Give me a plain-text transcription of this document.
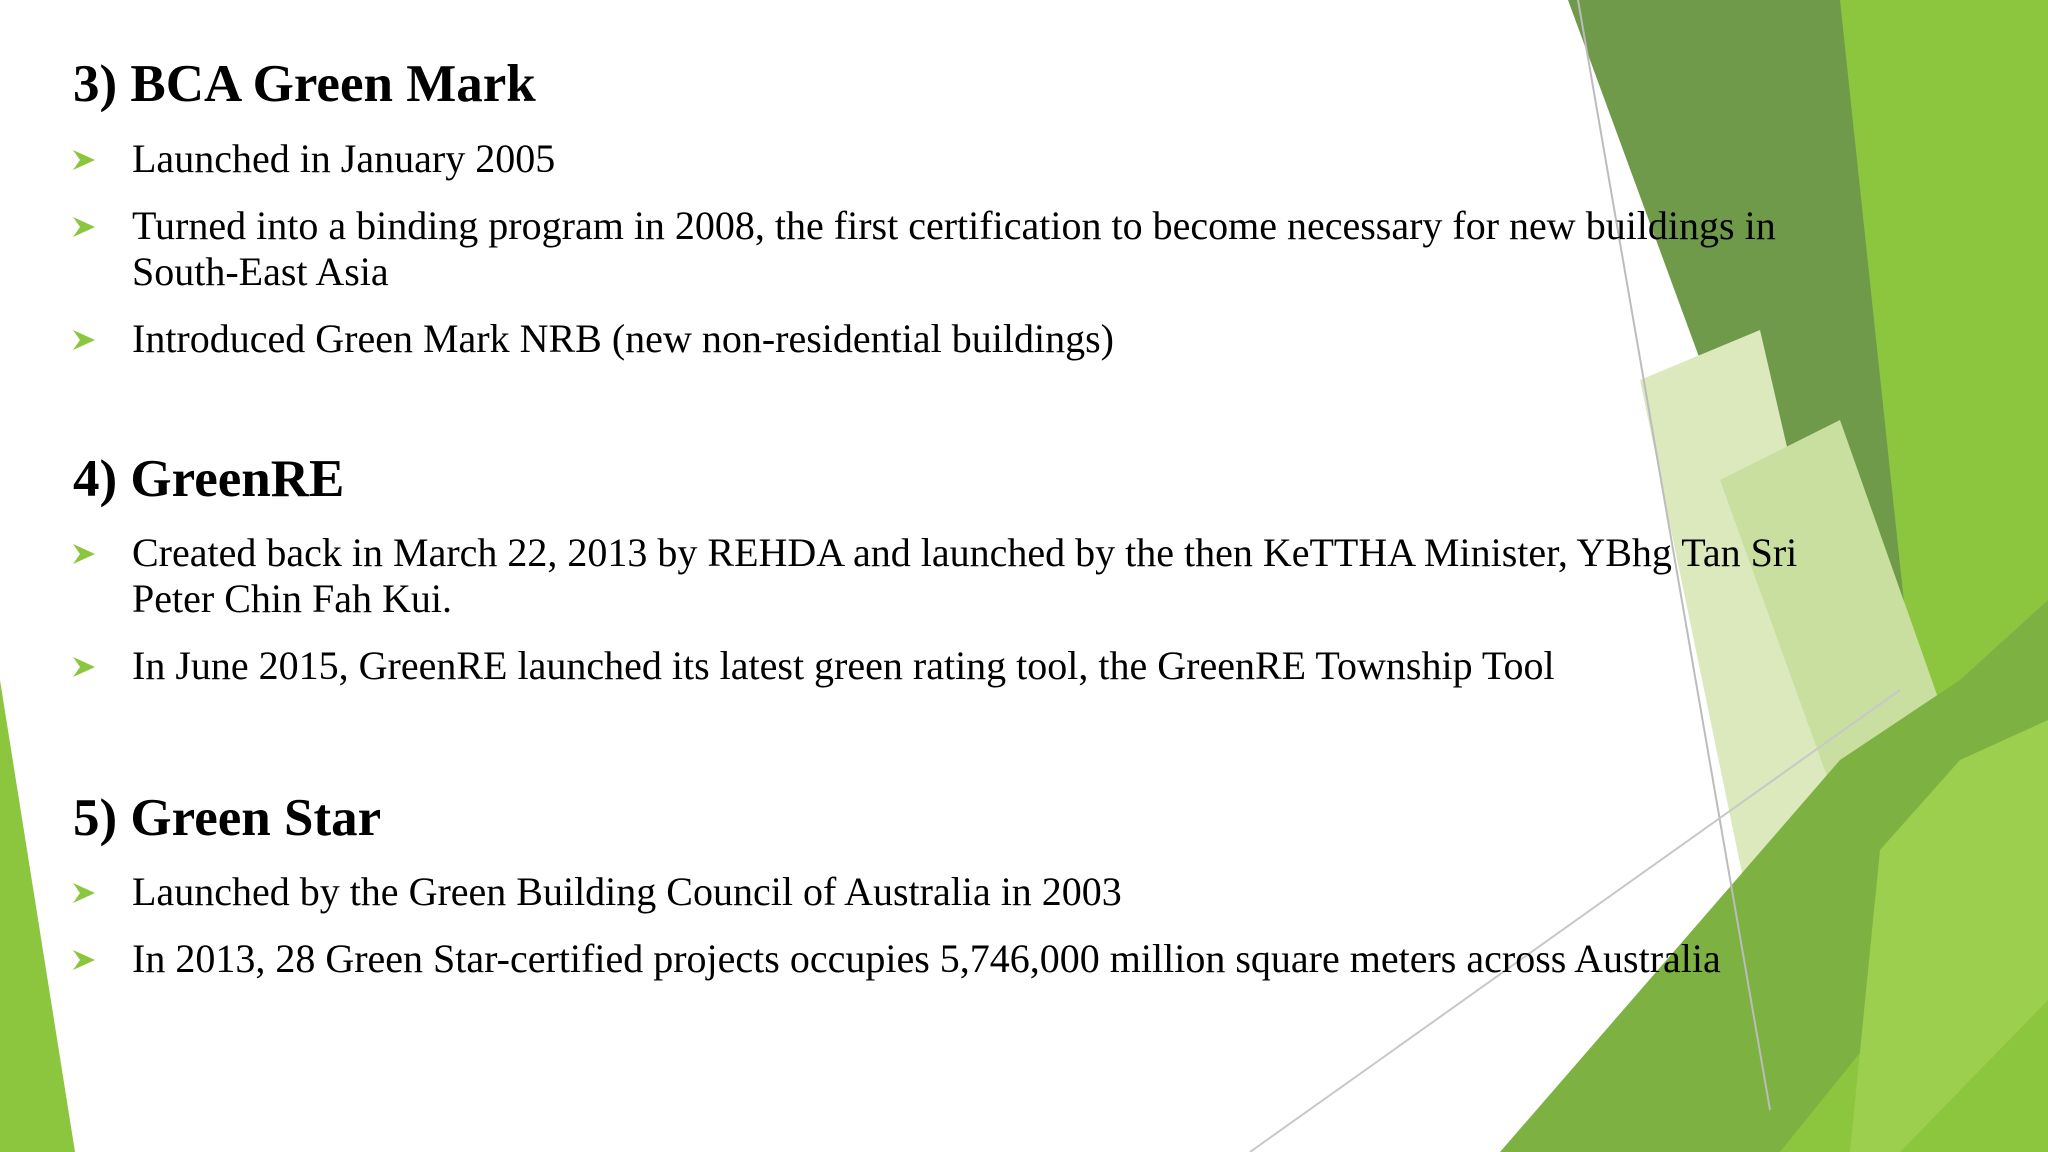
3) BCA Green Mark
Launched in January 2005
Turned into a binding program in 2008, the first certification to become necessary for new buildings in South-East Asia
Introduced Green Mark NRB (new non-residential buildings)
4) GreenRE
Created back in March 22, 2013 by REHDA and launched by the then KeTTHA Minister, YBhg Tan Sri Peter Chin Fah Kui.
In June 2015, GreenRE launched its latest green rating tool, the GreenRE Township Tool
5) Green Star
Launched by the Green Building Council of Australia in 2003
In 2013, 28 Green Star-certified projects occupies 5,746,000 million square meters across Australia
